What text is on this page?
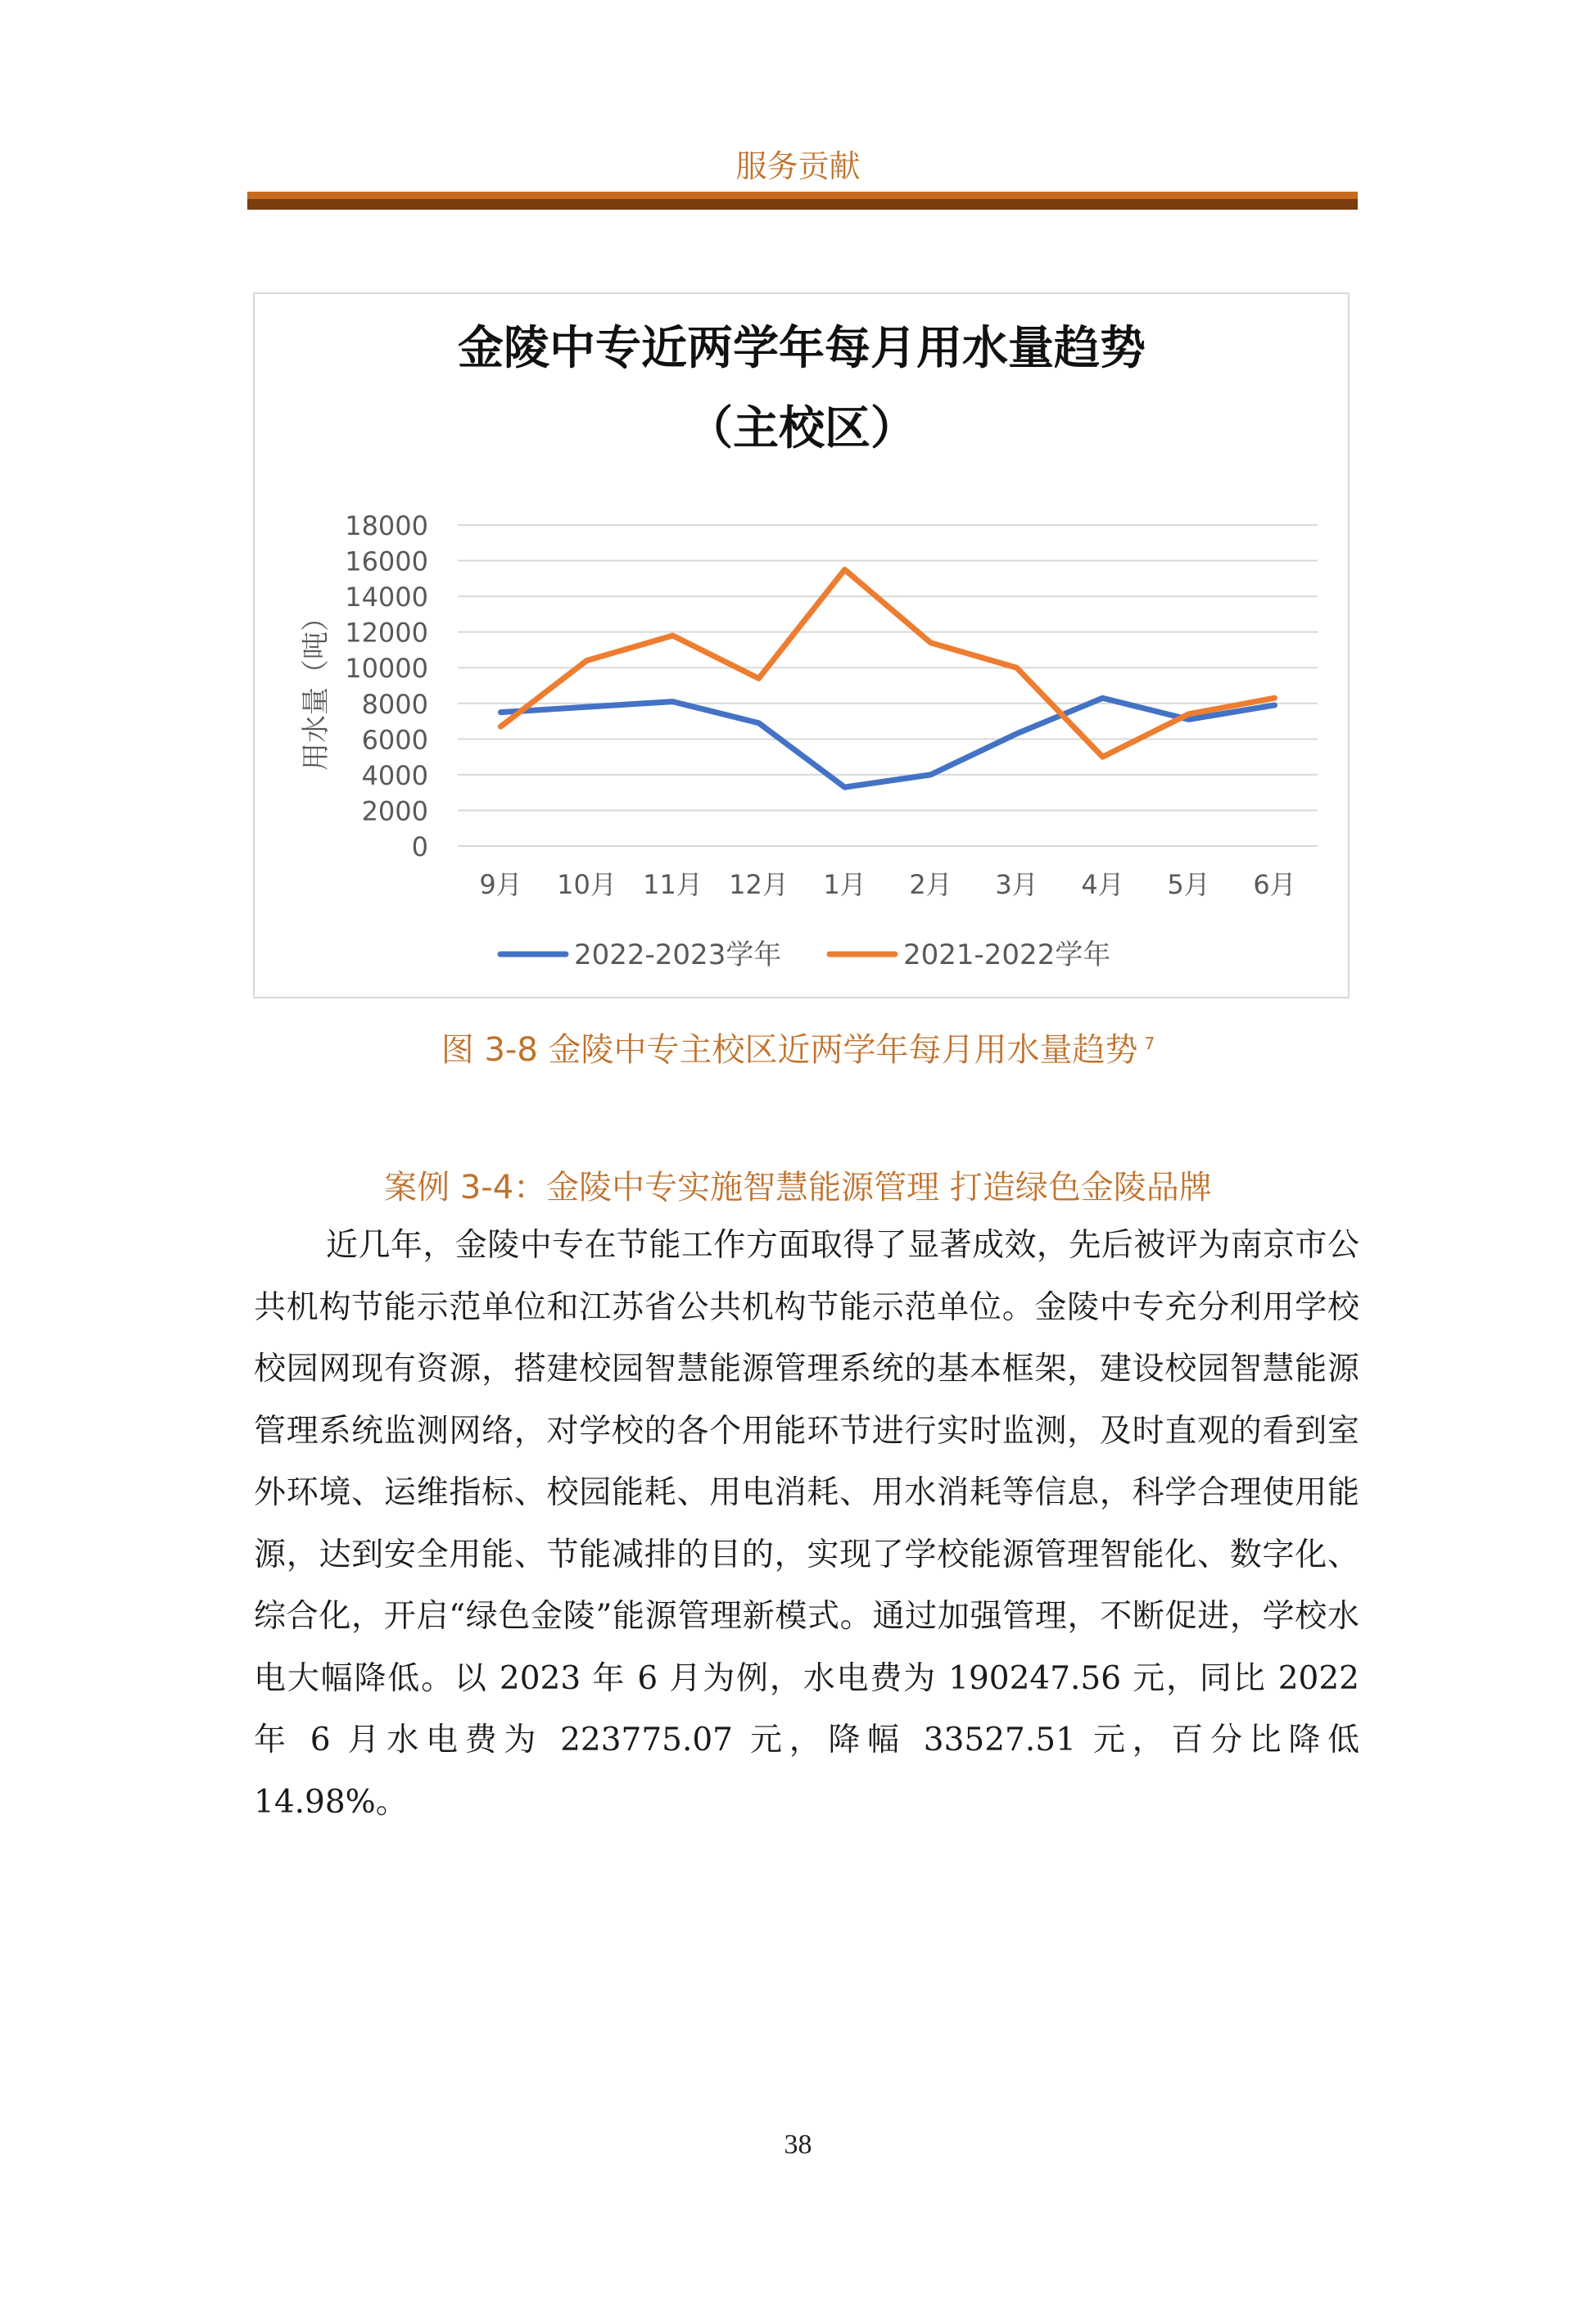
服务贡献
金陵中专近两学年每月用水量趋势
（主校区）
用水量（吨）
0
2000
4000
6000
8000
10000
12000
14000
16000
18000
9月 10月 11月 12月 1月 2月 3月 4月 5月 6月
2022-2023学年	2021-2022学年
图 3-8 金陵中专主校区近两学年每月用水量趋势 $^7$
案例 3-4：金陵中专实施智慧能源管理 打造绿色金陵品牌
近几年，金陵中专在节能工作方面取得了显著成效，先后被评为南京市公共机构节能示范单位和江苏省公共机构节能示范单位。金陵中专充分利用学校校园网现有资源，搭建校园智慧能源管理系统的基本框架，建设校园智慧能源管理系统监测网络，对学校的各个用能环节进行实时监测，及时直观的看到室外环境、运维指标、校园能耗、用电消耗、用水消耗等信息，科学合理使用能源，达到安全用能、节能减排的目的，实现了学校能源管理智能化、数字化、综合化，开启“绿色金陵”能源管理新模式。通过加强管理，不断促进，学校水电大幅降低。以 2023 年 6 月为例，水电费为 190247.56 元，同比 2022 年 6 月水电费为 223775.07 元，降幅 33527.51 元，百分比降低 14.98%。
38
